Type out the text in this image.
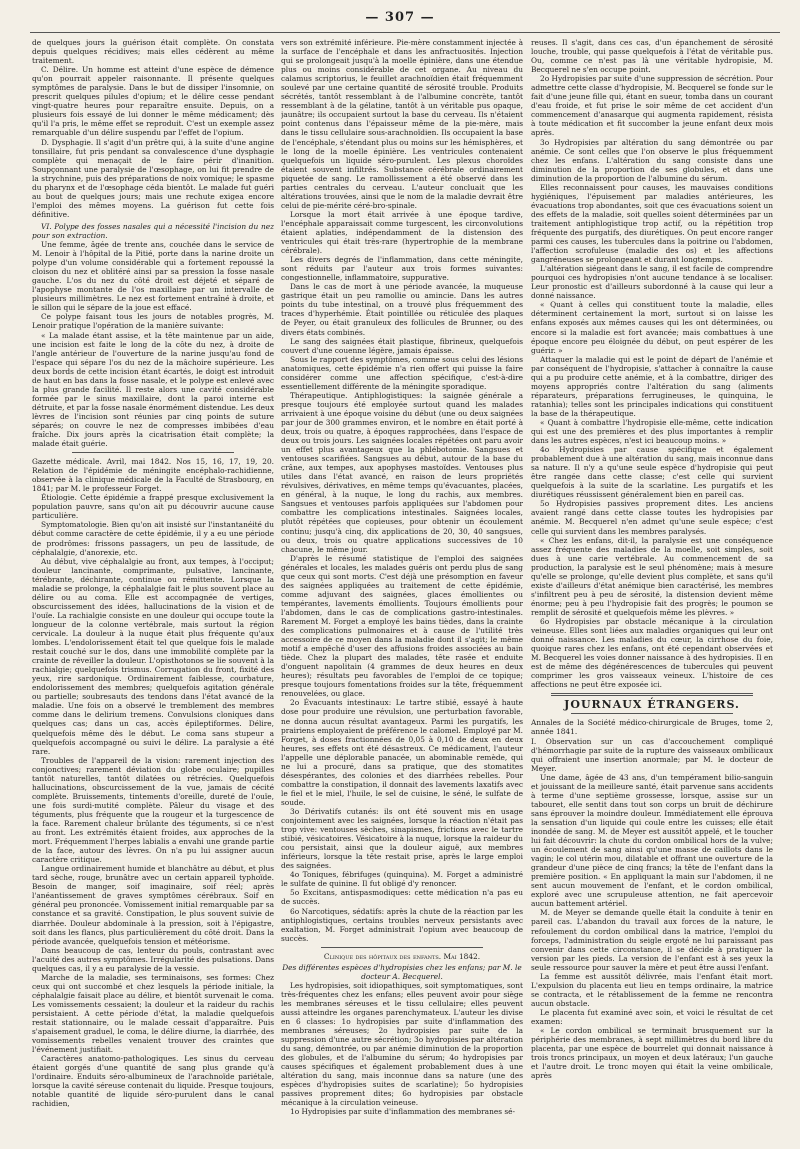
— 307 —

de quelques jours la guérison était complète. On constata depuis quelques récidives; mais elles cédèrent au même traitement.

C. Délire. Un homme est atteint d'une espèce de démence qu'on pourrait appeler raisonnante. Il présente quelques symptômes de paralysie. Dans le but de dissiper l'insomnie, on prescrit quelques pilules d'opium; et le délire cesse pendant vingt-quatre heures pour reparaître ensuite. Depuis, on a plusieurs fois essayé de lui donner le même médicament; dès qu'il l'a pris, le même effet se reproduit. C'est un exemple assez remarquable d'un délire suspendu par l'effet de l'opium.

D. Dysphagie. Il s'agit d'un prêtre qui, à la suite d'une angine tonsillaire, fut pris pendant sa convalescence d'une dysphagie complète qui menaçait de le faire périr d'inanition. Soupçonnant une paralysie de l'œsophage, on lui fit prendre de la strychnine, puis des préparations de noix vomique; le spasme du pharynx et de l'œsophage céda bientôt. Le malade fut guéri au bout de quelques jours; mais une rechute exigea encore l'emploi des mêmes moyens. La guérison fut cette fois définitive.

VI. Polype des fosses nasales qui a nécessité l'incision du nez pour son extraction.

Une femme, âgée de trente ans, couchée dans le service de M. Lenoir à l'hôpital de la Pitié, porte dans la narine droite un polype d'un volume considérable qui a fortement repoussé la cloison du nez et oblitéré ainsi par sa pression la fosse nasale gauche. L'os du nez du côté droit est déjeté et séparé de l'apophyse montante de l'os maxillaire par un intervalle de plusieurs millimètres. Le nez est fortement entraîné à droite, et le sillon qui le sépare de la joue est effacé.

Ce polype faisant tous les jours de notables progrès, M. Lenoir pratique l'opération de la manière suivante:

« La malade étant assise, et la tête maintenue par un aide, une incision est faite le long de la côte du nez, à droite de l'angle antérieur de l'ouverture de la narine jusqu'au fond de l'espace qui sépare l'os du nez de la mâchoire supérieure. Les deux bords de cette incision étant écartés, le doigt est introduit de haut en bas dans la fosse nasale, et le polype est enlevé avec la plus grande facilité. Il reste alors une cavité considérable formée par le sinus maxillaire, dont la paroi interne est détruite, et par la fosse nasale énormément distendue. Les deux lèvres de l'incision sont réunies par cinq points de suture séparés; on couvre le nez de compresses imbibées d'eau fraîche. Dix jours après la cicatrisation était complète; la malade était guérie.

Gazette médicale. Avril, mai 1842. Nos 15, 16, 17, 19, 20. Relation de l'épidémie de méningite encéphalo-rachidienne, observée à la clinique médicale de la Faculté de Strasbourg, en 1841; par M. le professeur Forget.

Étiologie. Cette épidémie a frappé presque exclusivement la population pauvre, sans qu'on ait pu découvrir aucune cause particulière.

Symptomatologie. Bien qu'on ait insisté sur l'instantanéité du début comme caractère de cette épidémie, il y a eu une période de prodrômes: frissons passagers, un peu de lassitude, de céphalalgie, d'anorexie, etc.

Au début, vive céphalalgie au front, aux tempes, à l'occiput; douleur lancinante, comprimante, pulsative, lancinante, térébrante, déchirante, continue ou rémittente. Lorsque la maladie se prolonge, la céphalalgie fait le plus souvent place au délire ou au coma. Elle est accompagnée de vertiges, obscurcissement des idées, hallucinations de la vision et de l'ouïe. La rachialgie consiste en une douleur qui occupe toute la longueur de la colonne vertébrale, mais surtout la région cervicale. La douleur à la nuque était plus fréquente qu'aux lombes. L'endolorissement était tel que quelque fois le malade restait couché sur le dos, dans une immobilité complète par la crainte de réveiller la douleur. L'opisthotonos se lie souvent à la rachialgie; quelquefois trismus. Corrugation du front, fixité des yeux, rire sardonique. Ordinairement faiblesse, courbature, endolorissement des membres; quelquefois agitation générale ou partielle; soubresauts des tendons dans l'état avancé de la maladie. Une fois on a observé le tremblement des membres comme dans le delirium tremens. Convulsions cloniques dans quelques cas; dans un cas, accès épileptiformes. Délire, quelquefois même dès le début. Le coma sans stupeur a quelquefois accompagné ou suivi le délire. La paralysie a été rare.

Troubles de l'appareil de la vision: rarement injection des conjonctives; rarement déviation du globe oculaire; pupilles tantôt naturelles, tantôt dilatées ou rétrécies. Quelquefois hallucinations, obscurcissement de la vue, jamais de cécité complète. Bruissements, tintements d'oreille, dureté de l'ouïe, une fois surdi-mutité complète. Pâleur du visage et des téguments, plus fréquente que la rougeur et la turgescence de la face. Rarement chaleur brûlante des téguments, si ce n'est au front. Les extrémités étaient froides, aux approches de la mort. Fréquemment l'herpes labialis a envahi une grande partie de la face, autour des lèvres. On n'a pu lui assigner aucun caractère critique.

Langue ordinairement humide et blanchâtre au début, et plus tard sèche, rouge, brunâtre avec un certain appareil typhoïde. Besoin de manger, soif imaginaire, soif réel; après l'anéantissement de graves symptômes cérébraux. Soif en général peu prononcée. Vomissement initial remarquable par sa constance et sa gravité. Constipation, le plus souvent suivie de diarrhée. Douleur abdominale à la pression, soit à l'épigastre, soit dans les flancs, plus particulièrement du côté droit. Dans la période avancée, quelquefois tension et météorisme.

Dans beaucoup de cas, lenteur du pouls, contrastant avec l'acuité des autres symptômes. Irrégularité des pulsations. Dans quelques cas, il y a eu paralysie de la vessie.

Marche de la maladie, ses terminaisons, ses formes: Chez ceux qui ont succombé et chez lesquels la période initiale, la céphalalgie faisait place au délire, et bientôt survenait le coma. Les vomissements cessaient; la douleur et la raideur du rachis persistaient. A cette période d'état, la maladie quelquefois restait stationnaire, ou le malade cessait d'apparaître. Puis s'apaisement graduel, le coma, le délire diurne, la diarrhée, des vomissements rebelles venaient trouver des craintes que l'événement justifiait.

Caractères anatomo-pathologiques. Les sinus du cerveau étaient gorgés d'une quantité de sang plus grande qu'à l'ordinaire. Enduits séro-albumineux de l'arachnoïde pariétale, lorsque la cavité séreuse contenait du liquide. Presque toujours, notable quantité de liquide séro-purulent dans le canal rachidien,

vers son extrémité inférieure. Pie-mère constamment injectée à la surface de l'encéphale et dans les anfractuosités. Injection qui se prolongeait jusqu'à la moelle épinière, dans une étendue plus ou moins considérable de cet organe. Au niveau du calamus scriptorius, le feuillet arachnoïdien était fréquemment soulevé par une certaine quantité de sérosité trouble. Produits sécrétés, tantôt ressemblant à de l'albumine concrète, tantôt ressemblant à de la gélatine, tantôt à un véritable pus opaque, jaunâtre; ils occupaient surtout la base du cerveau. Ils n'étaient point contenus dans l'épaisseur même de la pie-mère, mais dans le tissu cellulaire sous-arachnoïdien. Ils occupaient la base de l'encéphale, s'étendant plus ou moins sur les hémisphères, et le long de la moelle épinière. Les ventricules contenaient quelquefois un liquide séro-purulent. Les plexus choroïdes étaient souvent infiltrés. Substance cérébrale ordinairement piquetée de sang. Le ramollissement a été observé dans les parties centrales du cerveau. L'auteur concluait que les altérations trouvées, ainsi que le nom de la maladie devrait être celui de pie-mérite céré-bro-spinale.

Lorsque la mort était arrivée à une époque tardive, l'encéphale apparaissait comme turgescent, les circonvolutions étaient aplaties, indépendamment de la distension des ventricules qui était très-rare (hypertrophie de la membrane cérébrale).

Les divers degrés de l'inflammation, dans cette méningite, sont réduits par l'auteur aux trois formes suivantes: congestionnelle, inflammatoire, suppurative.

Dans le cas de mort à une période avancée, la muqueuse gastrique était un peu ramollie ou amincie. Dans les autres points du tube intestinal, on a trouvé plus fréquemment des traces d'hyperhémie. Était pointillée ou réticulée des plaques de Peyer, ou était granuleux des follicules de Brunner, ou des divers états combinés.

Le sang des saignées était plastique, fibrineux, quelquefois couvert d'une couenne légère, jamais épaisse.

Sous le rapport des symptômes, comme sous celui des lésions anatomiques, cette épidémie n'a rien offert qui puisse la faire considérer comme une affection spécifique, c'est-à-dire essentiellement différente de la méningite sporadique.

Thérapeutique. Antiphlogistiques: la saignée générale a presque toujours été employée surtout quand les malades arrivaient à une époque voisine du début (une ou deux saignées par jour de 300 grammes environ, et le nombre en était porté à deux, trois ou quatre, à époques rapprochées, dans l'espace de deux ou trois jours. Les saignées locales répétées ont paru avoir un effet plus avantageux que la phlébotomie. Sangsues et ventouses scarifiées. Sangsues au début, autour de la base du crâne, aux tempes, aux apophyses mastoïdes. Ventouses plus utiles dans l'état avancé, en raison de leurs propriétés révulsives, dérivatives, en même temps qu'évacuantes, placées, en général, à la nuque, le long du rachis, aux membres. Sangsues et ventouses parfois appliquées sur l'abdomen pour combattre les complications intestinales. Saignées locales, plutôt répétées que copieuses, pour obtenir un écoulement continu; jusqu'à cinq, dix applications de 20, 30, 40 sangsues, ou deux, trois ou quatre applications successives de 10 chacune, le même jour.

D'après le résumé statistique de l'emploi des saignées générales et locales, les malades guéris ont perdu plus de sang que ceux qui sont morts. C'est déjà une présomption en faveur des saignées appliquées au traitement de cette épidémie, comme adjuvant des saignées, glaces émollientes ou tempérantes, lavements émollients. Toujours émollients pour l'abdomen, dans le cas de complications gastro-intestinales. Rarement M. Forget a employé les bains tièdes, dans la crainte des complications pulmonaires et à cause de l'utilité très accessoire de ce moyen dans la maladie dont il s'agit; le même motif a empêché d'user des affusions froides associées au bain tiède. Chez la plupart des malades, tête rasée et enduite d'onguent napolitain (4 grammes de deux heures en deux heures); résultats peu favorables de l'emploi de ce topique; presque toujours fomentations froides sur la tête, fréquemment renouvelées, ou glace.

2o Évacuants intestinaux: Le tartre stibié, essayé à haute dose pour produire une révulsion, une perturbation favorable, ne donna aucun résultat avantageux. Parmi les purgatifs, les prairiens employaient de préférence le calomel. Employé par M. Forget, à doses fractionnées de 0,05 à 0,10 de deux en deux heures, ses effets ont été désastreux. Ce médicament, l'auteur l'appelle une déplorable panacée, un abominable remède, qui ne lui a procuré, dans sa pratique, que des stomatites désespérantes, des colonies et des diarrhées rebelles. Pour combattre la constipation, il donnait des lavements laxatifs avec le fiel et le miel, l'huile, le sel de cuisine, le séné, le sulfate de soude.

3o Dérivatifs cutanés: ils ont été souvent mis en usage conjointement avec les saignées, lorsque la réaction n'était pas trop vive: ventouses sèches, sinapismes, frictions avec le tartre stibié, vésicatoires. Vésicatoire à la nuque, lorsque la raideur du cou persistait, ainsi que la douleur aiguë, aux membres inférieurs, lorsque la tête restait prise, après le large emploi des saignées.

4o Toniques, fébrifuges (quinquina). M. Forget a administré le sulfate de quinine. Il fut obligé d'y renoncer.

5o Excitans, antispasmodiques: cette médication n'a pas eu de succès.

6o Narcotiques, sédatifs: après la chute de la réaction par les antiphlogistiques, certains troubles nerveux persistants avec exaltation, M. Forget administrait l'opium avec beaucoup de succès.

Clinique des hôpitaux des enfants. Mai 1842.

Des différentes espèces d'hydropisies chez les enfans; par M. le docteur A. Becquerel.

Les hydropisies, soit idiopathiques, soit symptomatiques, sont très-fréquentes chez les enfans; elles peuvent avoir pour siège les membranes séreuses et le tissu cellulaire; elles peuvent aussi atteindre les organes parenchymateux. L'auteur les divise en 6 classes: 1o hydropisies par suite d'inflammation des membranes séreuses; 2o hydropisies par suite de la suppression d'une autre sécrétion; 3o hydropisies par altération du sang, démontrée, ou par anémie diminution de la proportion des globules, et de l'albumine du sérum; 4o hydropisies par causes spécifiques et également probablement dues à une altération du sang, mais inconnue dans sa nature (une des espèces d'hydropisies suites de scarlatine); 5o hydropisies passives proprement dites; 6o hydropisies par obstacle mécanique à la circulation veineuse.

1o Hydropisies par suite d'inflammation des membranes sé-

reuses. Il s'agit, dans ces cas, d'un épanchement de sérosité louche, trouble, qui passe quelquefois à l'état de véritable pus. Ou, comme ce n'est pas là une véritable hydropisie, M. Becquerel ne s'en occupe point.

2o Hydropisies par suite d'une suppression de sécrétion. Pour admettre cette classe d'hydropisie, M. Becquerel se fonde sur le fait d'une jeune fille qui, étant en sueur, tomba dans un courant d'eau froide, et fut prise le soir même de cet accident d'un commencement d'anasarque qui augmenta rapidement, résista à toute médication et fit succomber la jeune enfant deux mois après.

3o Hydropisies par altération du sang démontrée ou par anémie. Ce sont celles que l'on observe le plus fréquemment chez les enfans. L'altération du sang consiste dans une diminution de la proportion de ses globules, et dans une diminution de la proportion de l'albumine du sérum.

Elles reconnaissent pour causes, les mauvaises conditions hygiéniques, l'épuisement par maladies antérieures, les évacuations trop abondantes, soit que ces évacuations soient un des effets de la maladie, soit quelles soient déterminées par un traitement antiphlogistique trop actif, ou la répétition trop fréquente des purgatifs, des diurétiques. On peut encore ranger parmi ces causes, les tubercules dans la poitrine ou l'abdomen, l'affection scrofuleuse (maladie des os) et les affections gangréneuses se prolongeant et durant longtemps.

L'altération siégeant dans le sang, il est facile de comprendre pourquoi ces hydropisies n'ont aucune tendance à se localiser. Leur pronostic est d'ailleurs subordonné à la cause qui leur a donné naissance.

« Quant à celles qui constituent toute la maladie, elles déterminent certainement la mort, surtout si on laisse les enfans exposés aux mêmes causes qui les ont déterminées, ou encore si la maladie est fort avancée; mais combattues à une époque encore peu éloignée du début, on peut espérer de les guérir. »

Attaquer la maladie qui est le point de départ de l'anémie et par conséquent de l'hydropisie, s'attacher à connaître la cause qui a pu produire cette anémie, et à la combattre, diriger des moyens appropriés contre l'altération du sang (aliments réparateurs, préparations ferrugineuses, le quinquina, le ratanhia); telles sont les principales indications qui constituent la base de la thérapeutique.

« Quant à combattre l'hydropisie elle-même, cette indication qui est une des premières et des plus importantes à remplir dans les autres espèces, n'est ici beaucoup moins. »

4o Hydropisies par cause spécifique et également probablement due à une altération du sang, mais inconnue dans sa nature. Il n'y a qu'une seule espèce d'hydropisie qui peut être rangée dans cette classe; c'est celle qui survient quelquefois à la suite de la scarlatine. Les purgatifs et les diurétiques réussissent généralement bien en pareil cas.

5o Hydropisies passives proprement dites. Les anciens avaient rangé dans cette classe toutes les hydropisies par anémie. M. Becquerel n'en admet qu'une seule espèce; c'est celle qui survient dans les membres paralysés.

« Chez les enfans, dit-il, la paralysie est une conséquence assez fréquente des maladies de la moelle, soit simples, soit dues à une carie vertébrale. Au commencement de sa production, la paralysie est le seul phénomène; mais à mesure qu'elle se prolonge, qu'elle devient plus complète, et sans qu'il existe d'ailleurs d'état anémique bien caractérisé, les membres s'infiltrent peu à peu de sérosité, la distension devient même énorme; peu à peu l'hydropisie fait des progrès; le poumon se remplit de sérosité et quelquefois même les plèvres. »

6o Hydropisies par obstacle mécanique à la circulation veineuse. Elles sont liées aux maladies organiques qui leur ont donné naissance. Les maladies du cœur, la cirrhose du foie, quoique rares chez les enfans, ont été cependant observées et M. Becquerel les voies donner naissance à des hydropisies. Il en est de même des dégénérescences de tubercules qui peuvent comprimer les gros vaisseaux veineux. L'histoire de ces affections ne peut être exposée ici.

JOURNAUX ÉTRANGERS.

Annales de la Société médico-chirurgicale de Bruges, tome 2, année 1841.

I. Observation sur un cas d'accouchement compliqué d'hémorrhagie par suite de la rupture des vaisseaux ombilicaux qui offraient une insertion anormale; par M. le docteur de Meyer.

Une dame, âgée de 43 ans, d'un tempérament bilio-sanguin et jouissant de la meilleure santé, était parvenue sans accidents à terme d'une septième grossesse, lorsque, assise sur un tabouret, elle sentit dans tout son corps un bruit de déchirure sans éprouver la moindre douleur. Immédiatement elle éprouva la sensation d'un liquide qui coule entre les cuisses; elle était inondée de sang. M. de Meyer est aussitôt appelé, et le toucher lui fait découvrir: la chute du cordon ombilical hors de la vulve; un écoulement de sang ainsi qu'une masse de caillots dans le vagin; le col utérin mou, dilatable et offrant une ouverture de la grandeur d'une pièce de cinq francs; la tête de l'enfant dans la première position. « En appliquant la main sur l'abdomen, il ne sent aucun mouvement de l'enfant, et le cordon ombilical, exploré avec une scrupuleuse attention, ne fait apercevoir aucun battement artériel.

M. de Meyer se demande quelle était la conduite à tenir en pareil cas. L'abandon du travail aux forces de la nature, le refoulement du cordon ombilical dans la matrice, l'emploi du forceps, l'administration du seigle ergoté ne lui paraissant pas convenir dans cette circonstance, il se décide à pratiquer la version par les pieds. La version de l'enfant est à ses yeux la seule ressource pour sauver la mère et peut être aussi l'enfant.

La femme est aussitôt délivrée, mais l'enfant était mort. L'expulsion du placenta eut lieu en temps ordinaire, la matrice se contracta, et le rétablissement de la femme ne rencontra aucun obstacle.

Le placenta fut examiné avec soin, et voici le résultat de cet examen:

« Le cordon ombilical se terminait brusquement sur la périphérie des membranes, à sept millimètres du bord libre du placenta, par une espèce de bourrelet qui donnait naissance à trois troncs principaux, un moyen et deux latéraux; l'un gauche et l'autre droit. Le tronc moyen qui était la veine ombilicale, après
